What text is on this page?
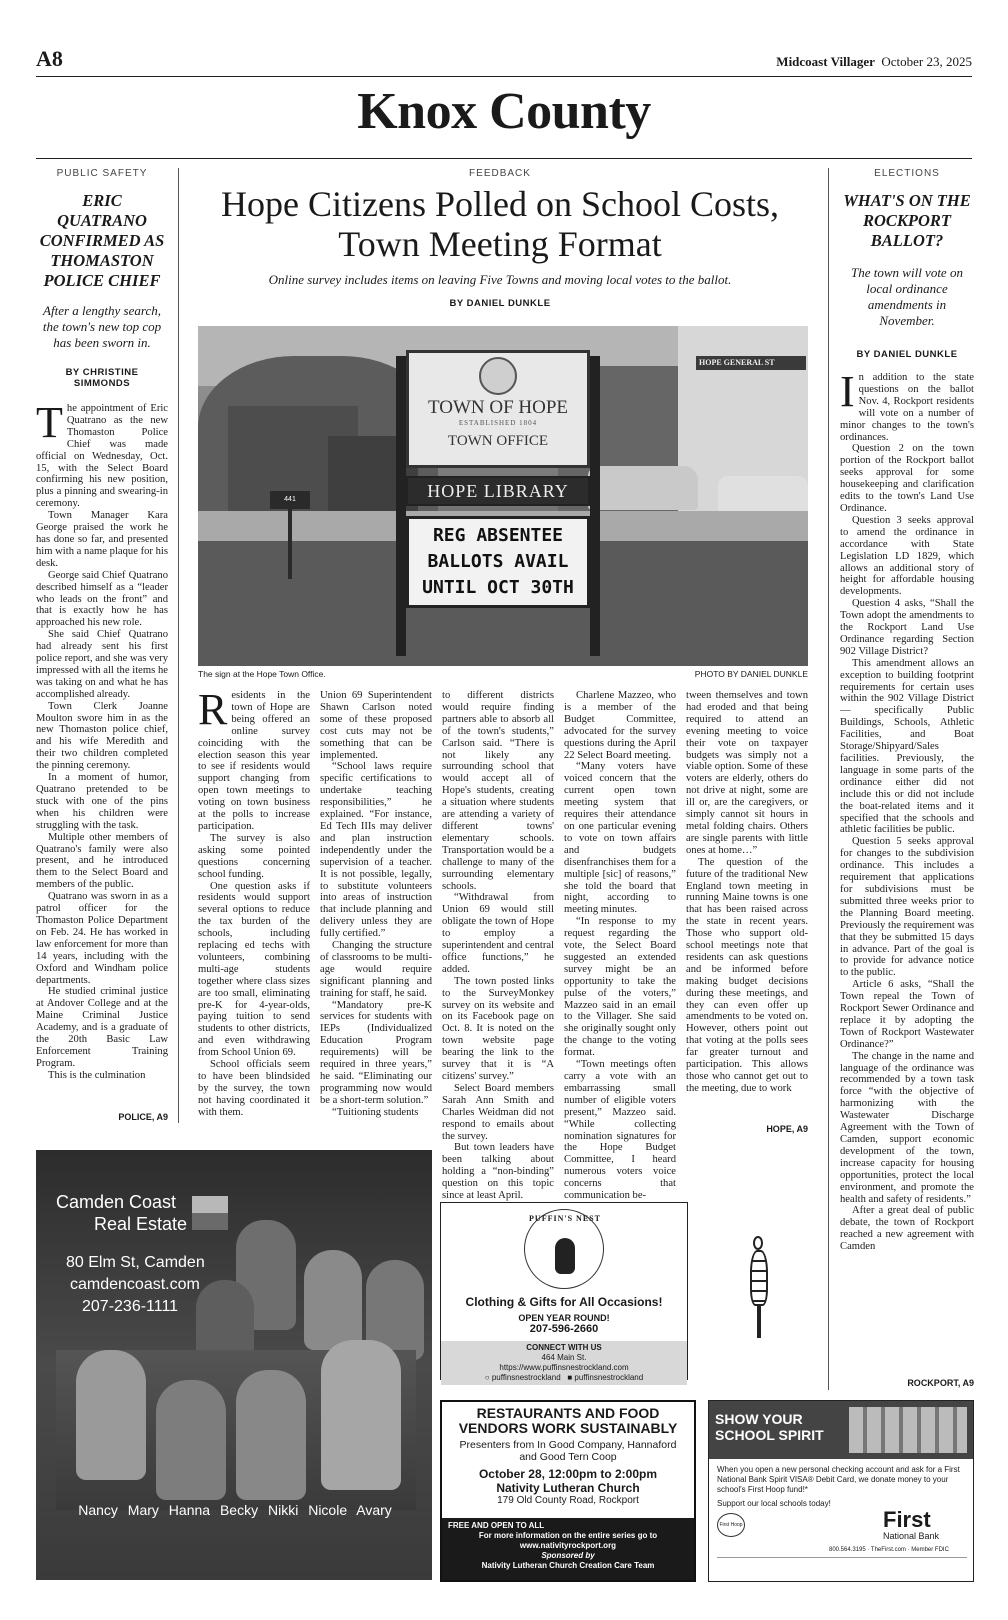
A8	Midcoast Villager October 23, 2025
Knox County
PUBLIC SAFETY
ERIC QUATRANO CONFIRMED AS THOMASTON POLICE CHIEF
After a lengthy search, the town's new top cop has been sworn in.
BY CHRISTINE SIMMONDS

The appointment of Eric Quatrano as the new Thomaston Police Chief was made official on Wednesday, Oct. 15, with the Select Board confirming his new position, plus a pinning and swearing-in ceremony.

Town Manager Kara George praised the work he has done so far, and presented him with a name plaque for his desk.

George said Chief Quatrano described himself as a “leader who leads on the front” and that is exactly how he has approached his new role.

She said Chief Quatrano had already sent his first police report, and she was very impressed with all the items he was taking on and what he has accomplished already.

Town Clerk Joanne Moulton swore him in as the new Thomaston police chief, and his wife Meredith and their two children completed the pinning ceremony.

In a moment of humor, Quatrano pretended to be stuck with one of the pins when his children were struggling with the task.

Multiple other members of Quatrano's family were also present, and he introduced them to the Select Board and members of the public.

Quatrano was sworn in as a patrol officer for the Thomaston Police Department on Feb. 24. He has worked in law enforcement for more than 14 years, including with the Oxford and Windham police departments.

He studied criminal justice at Andover College and at the Maine Criminal Justice Academy, and is a graduate of the 20th Basic Law Enforcement Training Program.

This is the culmination

POLICE, A9
ELECTIONS
WHAT'S ON THE ROCKPORT BALLOT?
The town will vote on local ordinance amendments in November.
BY DANIEL DUNKLE

In addition to the state questions on the ballot Nov. 4, Rockport residents will vote on a number of minor changes to the town's ordinances.

Question 2 on the town portion of the Rockport ballot seeks approval for some housekeeping and clarification edits to the town's Land Use Ordinance.

Question 3 seeks approval to amend the ordinance in accordance with State Legislation LD 1829, which allows an additional story of height for affordable housing developments.

Question 4 asks, “Shall the Town adopt the amendments to the Rockport Land Use Ordinance regarding Section 902 Village District?

This amendment allows an exception to building footprint requirements for certain uses within the 902 Village District — specifically Public Buildings, Schools, Athletic Facilities, and Boat Storage/Shipyard/Sales facilities. Previously, the language in some parts of the ordinance either did not include this or did not include the boat-related items and it specified that the schools and athletic facilities be public.

Question 5 seeks approval for changes to the subdivision ordinance. This includes a requirement that applications for subdivisions must be submitted three weeks prior to the Planning Board meeting. Previously the requirement was that they be submitted 15 days in advance. Part of the goal is to provide for advance notice to the public.

Article 6 asks, “Shall the Town repeal the Town of Rockport Sewer Ordinance and replace it by adopting the Town of Rockport Wastewater Ordinance?”

The change in the name and language of the ordinance was recommended by a town task force “with the objective of harmonizing with the Wastewater Discharge Agreement with the Town of Camden, support economic development of the town, increase capacity for housing opportunities, protect the local environment, and promote the health and safety of residents.”

After a great deal of public debate, the town of Rockport reached a new agreement with Camden

ROCKPORT, A9
FEEDBACK
Hope Citizens Polled on School Costs, Town Meeting Format
Online survey includes items on leaving Five Towns and moving local votes to the ballot.
BY DANIEL DUNKLE
HOPE GENERAL ST
441
TOWN OF HOPE
ESTABLISHED 1804
TOWN OFFICE
HOPE LIBRARY
REG ABSENTEE
BALLOTS AVAIL
UNTIL OCT 30TH
The sign at the Hope Town Office.	PHOTO BY DANIEL DUNKLE

Residents in the town of Hope are being offered an online survey coinciding with the election season this year to see if residents would support changing from open town meetings to voting on town business at the polls to increase participation.

The survey is also asking some pointed questions concerning school funding.

One question asks if residents would support several options to reduce the tax burden of the schools, including replacing ed techs with volunteers, combining multi-age students together where class sizes are too small, eliminating pre-K for 4-year-olds, paying tuition to send students to other districts, and even withdrawing from School Union 69.

School officials seem to have been blindsided by the survey, the town not having coordinated it with them.

Union 69 Superintendent Shawn Carlson noted some of these proposed cost cuts may not be something that can be implemented.

“School laws require specific certifications to undertake teaching responsibilities,” he explained. “For instance, Ed Tech IIIs may deliver and plan instruction independently under the supervision of a teacher. It is not possible, legally, to substitute volunteers into areas of instruction that include planning and delivery unless they are fully certified.”

Changing the structure of classrooms to be multi-age would require significant planning and training for staff, he said.

“Mandatory pre-K services for students with IEPs (Individualized Education Program requirements) will be required in three years,” he said. “Eliminating our programming now would be a short-term solution.”

“Tuitioning students

to different districts would require finding partners able to absorb all of the town's students,” Carlson said. “There is not likely any surrounding school that would accept all of Hope's students, creating a situation where students are attending a variety of different towns' elementary schools. Transportation would be a challenge to many of the surrounding elementary schools.

“Withdrawal from Union 69 would still obligate the town of Hope to employ a superintendent and central office functions,” he added.

The town posted links to the SurveyMonkey survey on its website and on its Facebook page on Oct. 8. It is noted on the town website page bearing the link to the survey that it is “A citizens' survey.”

Select Board members Sarah Ann Smith and Charles Weidman did not respond to emails about the survey.

But town leaders have been talking about holding a “non-binding” question on this topic since at least April.

Charlene Mazzeo, who is a member of the Budget Committee, advocated for the survey questions during the April 22 Select Board meeting.

“Many voters have voiced concern that the current open town meeting system that requires their attendance on one particular evening to vote on town affairs and budgets disenfranchises them for a multiple [sic] of reasons,” she told the board that night, according to meeting minutes.

“In response to my request regarding the vote, the Select Board suggested an extended survey might be an opportunity to take the pulse of the voters,” Mazzeo said in an email to the Villager. She said she originally sought only the change to the voting format.

“Town meetings often carry a vote with an embarrassing small number of eligible voters present,” Mazzeo said. “While collecting nomination signatures for the Hope Budget Committee, I heard numerous voters voice concerns that communication be-

tween themselves and town had eroded and that being required to attend an evening meeting to voice their vote on taxpayer budgets was simply not a viable option. Some of these voters are elderly, others do not drive at night, some are ill or, are the caregivers, or simply cannot sit hours in metal folding chairs. Others are single parents with little ones at home…”

The question of the future of the traditional New England town meeting in running Maine towns is one that has been raised across the state in recent years. Those who support old-school meetings note that residents can ask questions and be informed before making budget decisions during these meetings, and they can even offer up amendments to be voted on. However, others point out that voting at the polls sees far greater turnout and participation. This allows those who cannot get out to the meeting, due to work

HOPE, A9
Camden Coast
Real Estate
80 Elm St, Camden
camdencoast.com
207-236-1111
Nancy Mary Hanna Becky Nikki Nicole Avary
PUFFIN'S NEST
Clothing & Gifts for All Occasions!
OPEN YEAR ROUND!
207-596-2660
CONNECT WITH US
464 Main St.
https://www.puffinsnestrockland.com
○ puffinsnestrockland ■ puffinsnestrockland
RESTAURANTS AND FOOD VENDORS WORK SUSTAINABLY
Presenters from In Good Company, Hannaford and Good Tern Coop
October 28, 12:00pm to 2:00pm
Nativity Lutheran Church
179 Old County Road, Rockport
FREE AND OPEN TO ALL
For more information on the entire series go to www.nativityrockport.org
Sponsored by
Nativity Lutheran Church Creation Care Team
SHOW YOUR
SCHOOL SPIRIT
When you open a new personal checking account and ask for a First National Bank Spirit VISA® Debit Card, we donate money to your school's First Hoop fund!*
Support our local schools today!
First Hoop	First
National Bank
800.564.3195 · TheFirst.com · Member FDIC
